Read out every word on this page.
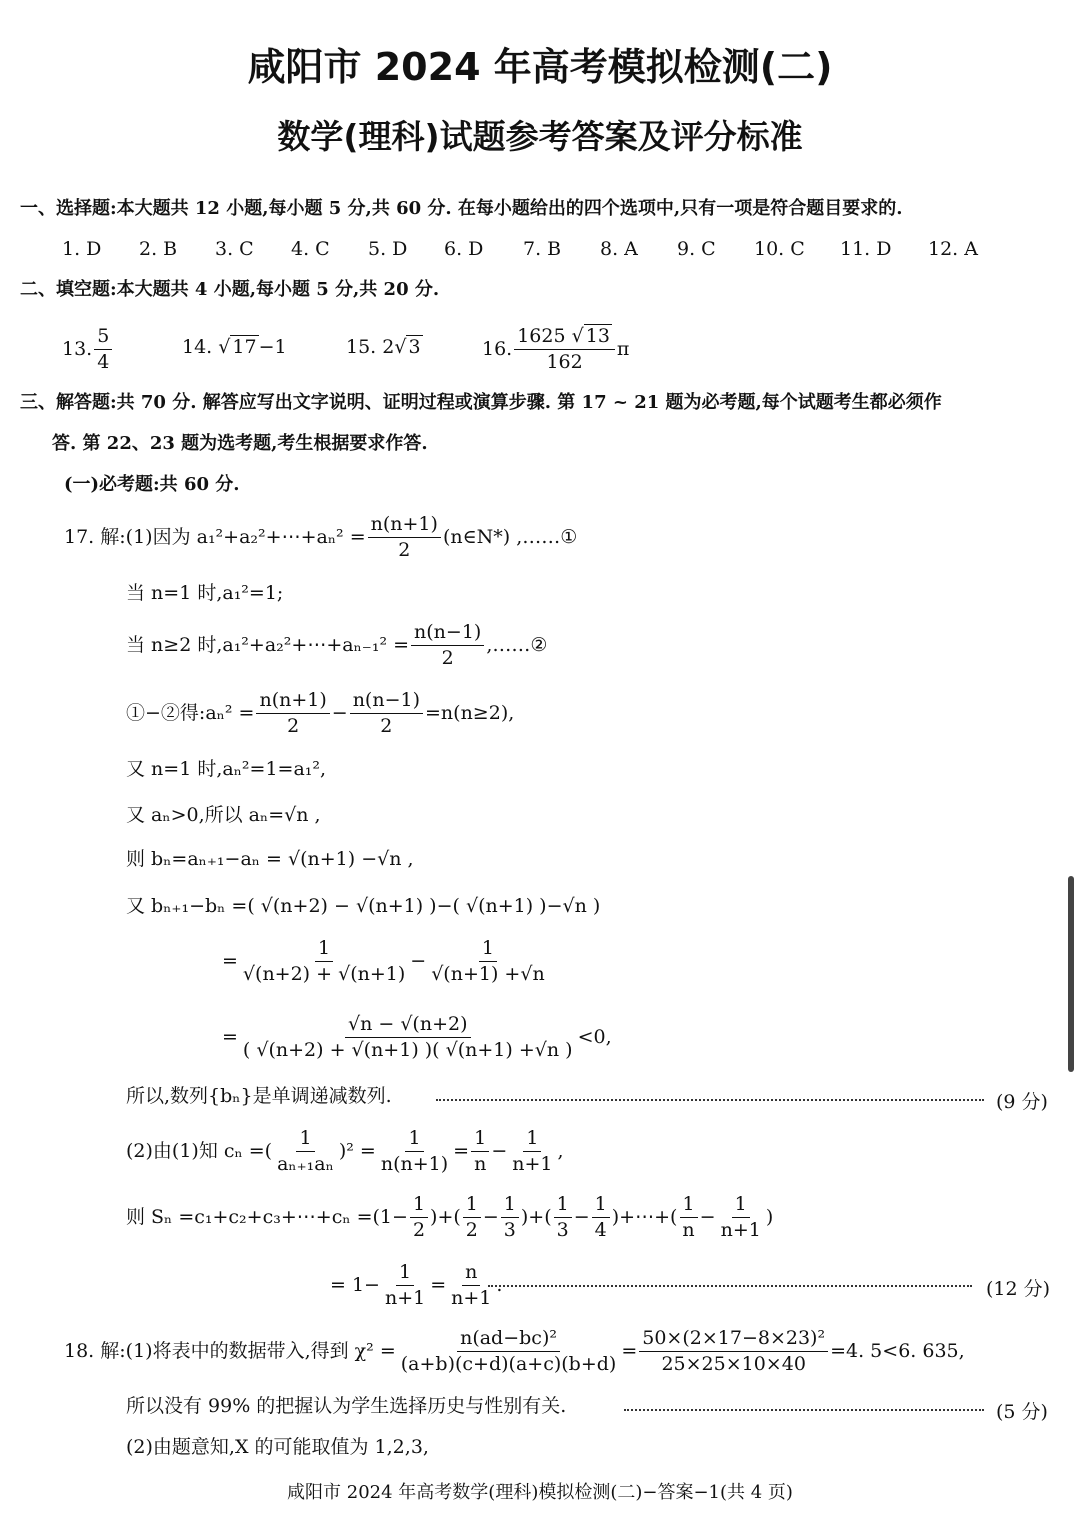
咸阳市 2024 年高考模拟检测(二)
数学(理科)试题参考答案及评分标准
一、选择题:本大题共 12 小题,每小题 5 分,共 60 分. 在每小题给出的四个选项中,只有一项是符合题目要求的.
1. D 2. B 3. C 4. C 5. D 6. D 7. B 8. A 9. C 10. C 11. D 12. A
二、填空题:本大题共 4 小题,每小题 5 分,共 20 分.
13. $\frac{5}{4}$	14. √ 17 −1	15. 2√ 3	16. $\frac{1625 √ 13}{162}$ π
三、解答题:共 70 分. 解答应写出文字说明、证明过程或演算步骤. 第 17 ~ 21 题为必考题,每个试题考生都必须作
答. 第 22、23 题为选考题,考生根据要求作答.
(一)必考题:共 60 分.
17. 解:(1)因为 a₁²+a₂²+⋯+aₙ² = $\frac{n(n+1)}{2}$ (n∈N*) ,……①
当 n=1 时,a₁²=1;
当 n≥2 时,a₁²+a₂²+⋯+aₙ₋₁² = $\frac{n(n-1)}{2}$ ,……②
①−②得:aₙ² = $\frac{n(n+1)}{2} - \frac{n(n-1)}{2} =n(n\ge 2)$,
又 n=1 时,aₙ²=1=a₁²,
又 aₙ>0,所以 aₙ=√n ,
则 bₙ=aₙ₊₁−aₙ = √(n+1) −√n ,
又 bₙ₊₁−bₙ =( √(n+2) − √(n+1) )−( √(n+1) )−√n )
= $\frac{1}{√(n+2) + √(n+1)} - \frac{1}{√(n+1) +√n}$
= $\frac{√n - √(n+2)}{( √(n+2) + √(n+1) )( √(n+1) +√n )} <0$,
所以,数列{bₙ}是单调递减数列.	(9 分)
(2)由(1)知 cₙ =( $\frac{1}{\text{aₙ₊₁aₙ}} )^2 = \frac{1}{n(n+1)} = \frac{1}{n} - \frac{1}{n+1}$ ,
则 Sₙ =c₁+c₂+c₃+⋯+cₙ $=(1- \frac{1}{2}$ )+( $\frac{1}{2} - \frac{1}{3}$ )+( $\frac{1}{3} - \frac{1}{4}$ )+⋯+( $\frac{1}{n} - \frac{1}{n+1}$ )
= $1- \frac{1}{n+1} = \frac{n}{n+1}$ .	(12 分)
18. 解:(1)将表中的数据带入,得到 $\chi^2 = \frac{\text{n(ad−bc)²}}{(a+b)(c+d)(a+c)(b+d)} = \frac{\text{50×(2×17−8×23)²}}{25\times 25\times 10\times 40} =4$. 5<6. 635,
所以没有 99% 的把握认为学生选择历史与性别有关.	(5 分)
(2)由题意知,X 的可能取值为 1,2,3,
咸阳市 2024 年高考数学(理科)模拟检测(二)−答案−1(共 4 页)
